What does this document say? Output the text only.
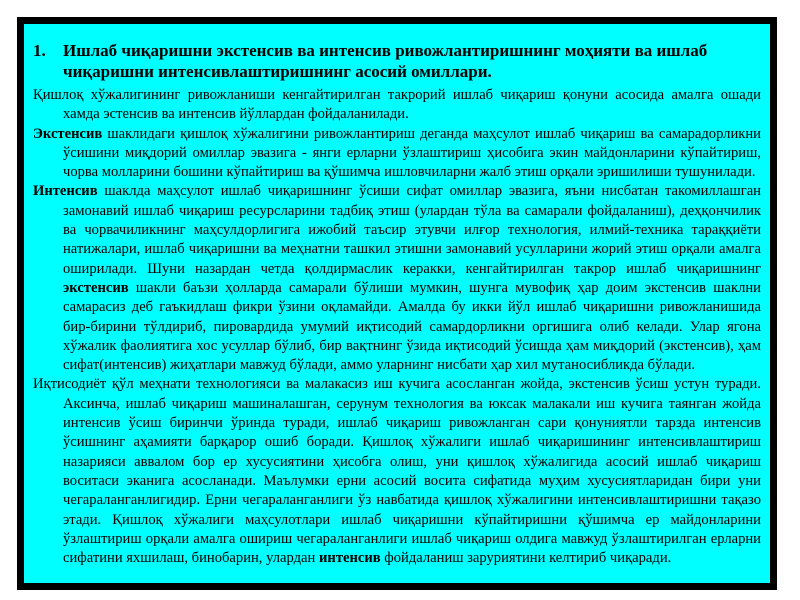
1.	Ишлаб чиқаришни экстенсив ва интенсив ривожлантиришнинг моҳияти ва ишлаб чиқаришни интенсивлаштиришнинг асосий омиллари.

Қишлоқ хўжалигининг ривожланиши кенгайтирилган такрорий ишлаб чиқариш қонуни асосида амалга ошади хамда эстенсив ва интенсив йўллардан фойдаланилади.

Экстенсив шаклидаги қишлоқ хўжалигини ривожлантириш деганда маҳсулот ишлаб чиқариш ва самарадорликни ўсишини миқдорий омиллар эвазига - янги ерларни ўзлаштириш ҳисобига экин майдонларини кўпайтириш, чорва молларини бошини кўпайтириш ва қўшимча ишловчиларни жалб этиш орқали эришилиши тушунилади.

Интенсив шаклда маҳсулот ишлаб чиқаришнинг ўсиши сифат омиллар эвазига, яъни нисбатан такомиллашган замонавий ишлаб чиқариш ресурсларини тадбиқ этиш (улардан тўла ва самарали фойдаланиш), деҳқончилик ва чорвачиликнинг маҳсулдорлигига ижобий таъсир этувчи илғор технология, илмий-техника тараққиёти натижалари, ишлаб чиқаришни ва меҳнатни ташкил этишни замонавий усулларини жорий этиш орқали амалга оширилади. Шуни назардан четда қолдирмаслик керакки, кенгайтирилган такрор ишлаб чиқаришнинг экстенсив шакли баъзи ҳолларда самарали бўлиши мумкин, шунга мувофиқ ҳар доим экстенсив шаклни самарасиз деб гаъкидлаш фикри ўзини оқламайди. Амалда бу икки йўл ишлаб чиқаришни ривожланишида бир-бирини тўлдириб, пировардида умумий иқтисодий самардорликни оргишига олиб келади. Улар ягона хўжалик фаолиятига хос усуллар бўлиб, бир вақтнинг ўзида иқтисодий ўсишда ҳам миқдорий (экстенсив), ҳам сифат(интенсив) жиҳатлари мавжуд бўлади, аммо уларнинг нисбати ҳар хил мутаносибликда бўлади.

Иқтисодиёт қўл меҳнати технологияси ва малакасиз иш кучига асосланган жойда, экстенсив ўсиш устун туради. Аксинча, ишлаб чиқариш машиналашган, серунум технология ва юксак малакали иш кучига таянган жойда интенсив ўсиш биринчи ўринда туради, ишлаб чиқариш ривожланган сари қонуниятли тарзда интенсив ўсишнинг аҳамияти барқарор ошиб боради. Қишлоқ хўжалиги ишлаб чиқаришининг интенсивлаштириш назарияси аввалом бор ер хусусиятини ҳисобга олиш, уни қишлоқ хўжалигида асосий ишлаб чиқариш воситаси эканига асосланади. Маълумки ерни асосий восита сифатида муҳим хусусиятларидан бири уни чегараланганлигидир. Ерни чегараланганлиги ўз навбатида қишлоқ хўжалигини интенсивлаштиришни тақазо этади. Қишлоқ хўжалиги маҳсулотлари ишлаб чиқаришни кўпайтиришни қўшимча ер майдонларини ўзлаштириш орқали амалга ошириш чегараланганлиги ишлаб чиқариш олдига мавжуд ўзлаштирилган ерларни сифатини яхшилаш, бинобарин, улардан интенсив фойдаланиш заруриятини келтириб чиқаради.
